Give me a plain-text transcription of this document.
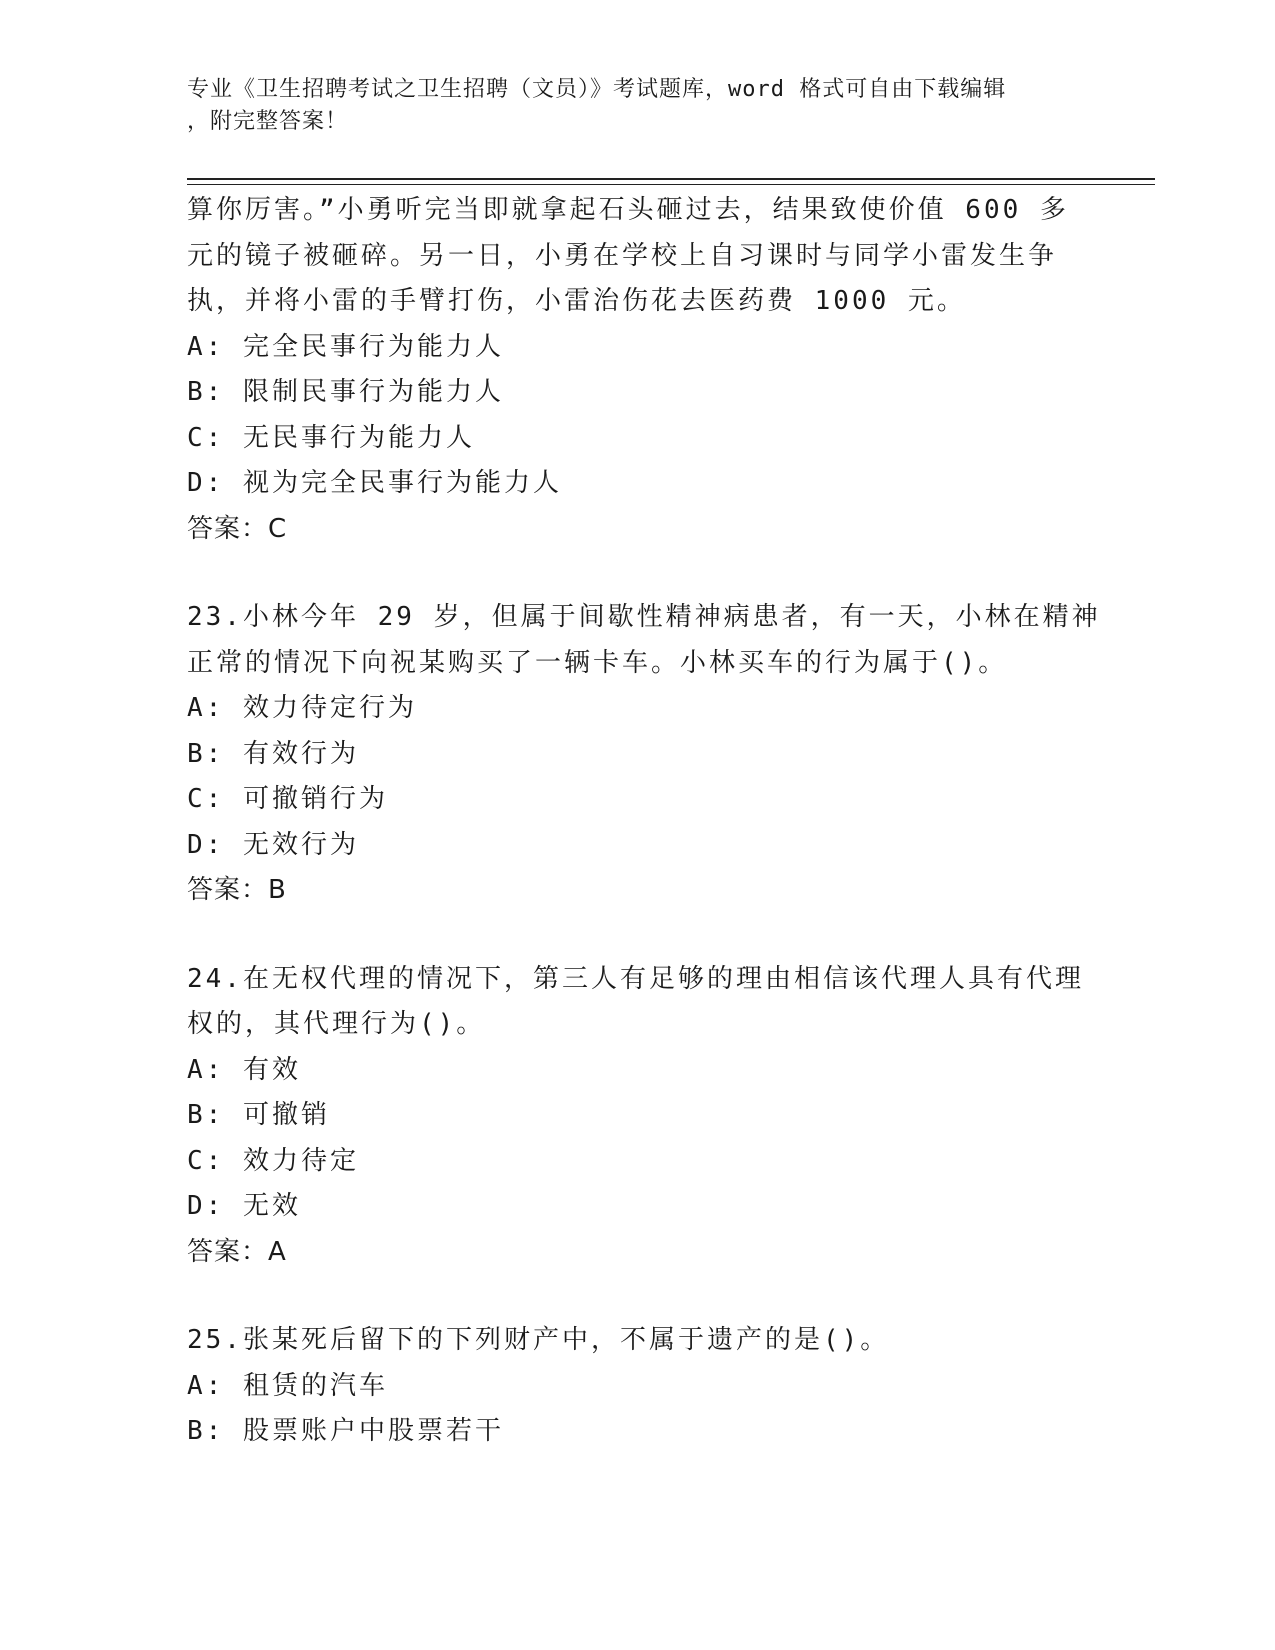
专业《卫生招聘考试之卫生招聘（文员）》考试题库，word 格式可自由下载编辑
，附完整答案！
算你厉害。”小勇听完当即就拿起石头砸过去，结果致使价值 600 多
元的镜子被砸碎。另一日，小勇在学校上自习课时与同学小雷发生争
执，并将小雷的手臂打伤，小雷治伤花去医药费 1000 元。
A: 完全民事行为能力人
B: 限制民事行为能力人
C: 无民事行为能力人
D: 视为完全民事行为能力人
答案：C
23.小林今年 29 岁，但属于间歇性精神病患者，有一天，小林在精神
正常的情况下向祝某购买了一辆卡车。小林买车的行为属于()。
A: 效力待定行为
B: 有效行为
C: 可撤销行为
D: 无效行为
答案：B
24.在无权代理的情况下，第三人有足够的理由相信该代理人具有代理
权的，其代理行为()。
A: 有效
B: 可撤销
C: 效力待定
D: 无效
答案：A
25.张某死后留下的下列财产中，不属于遗产的是()。
A: 租赁的汽车
B: 股票账户中股票若干
